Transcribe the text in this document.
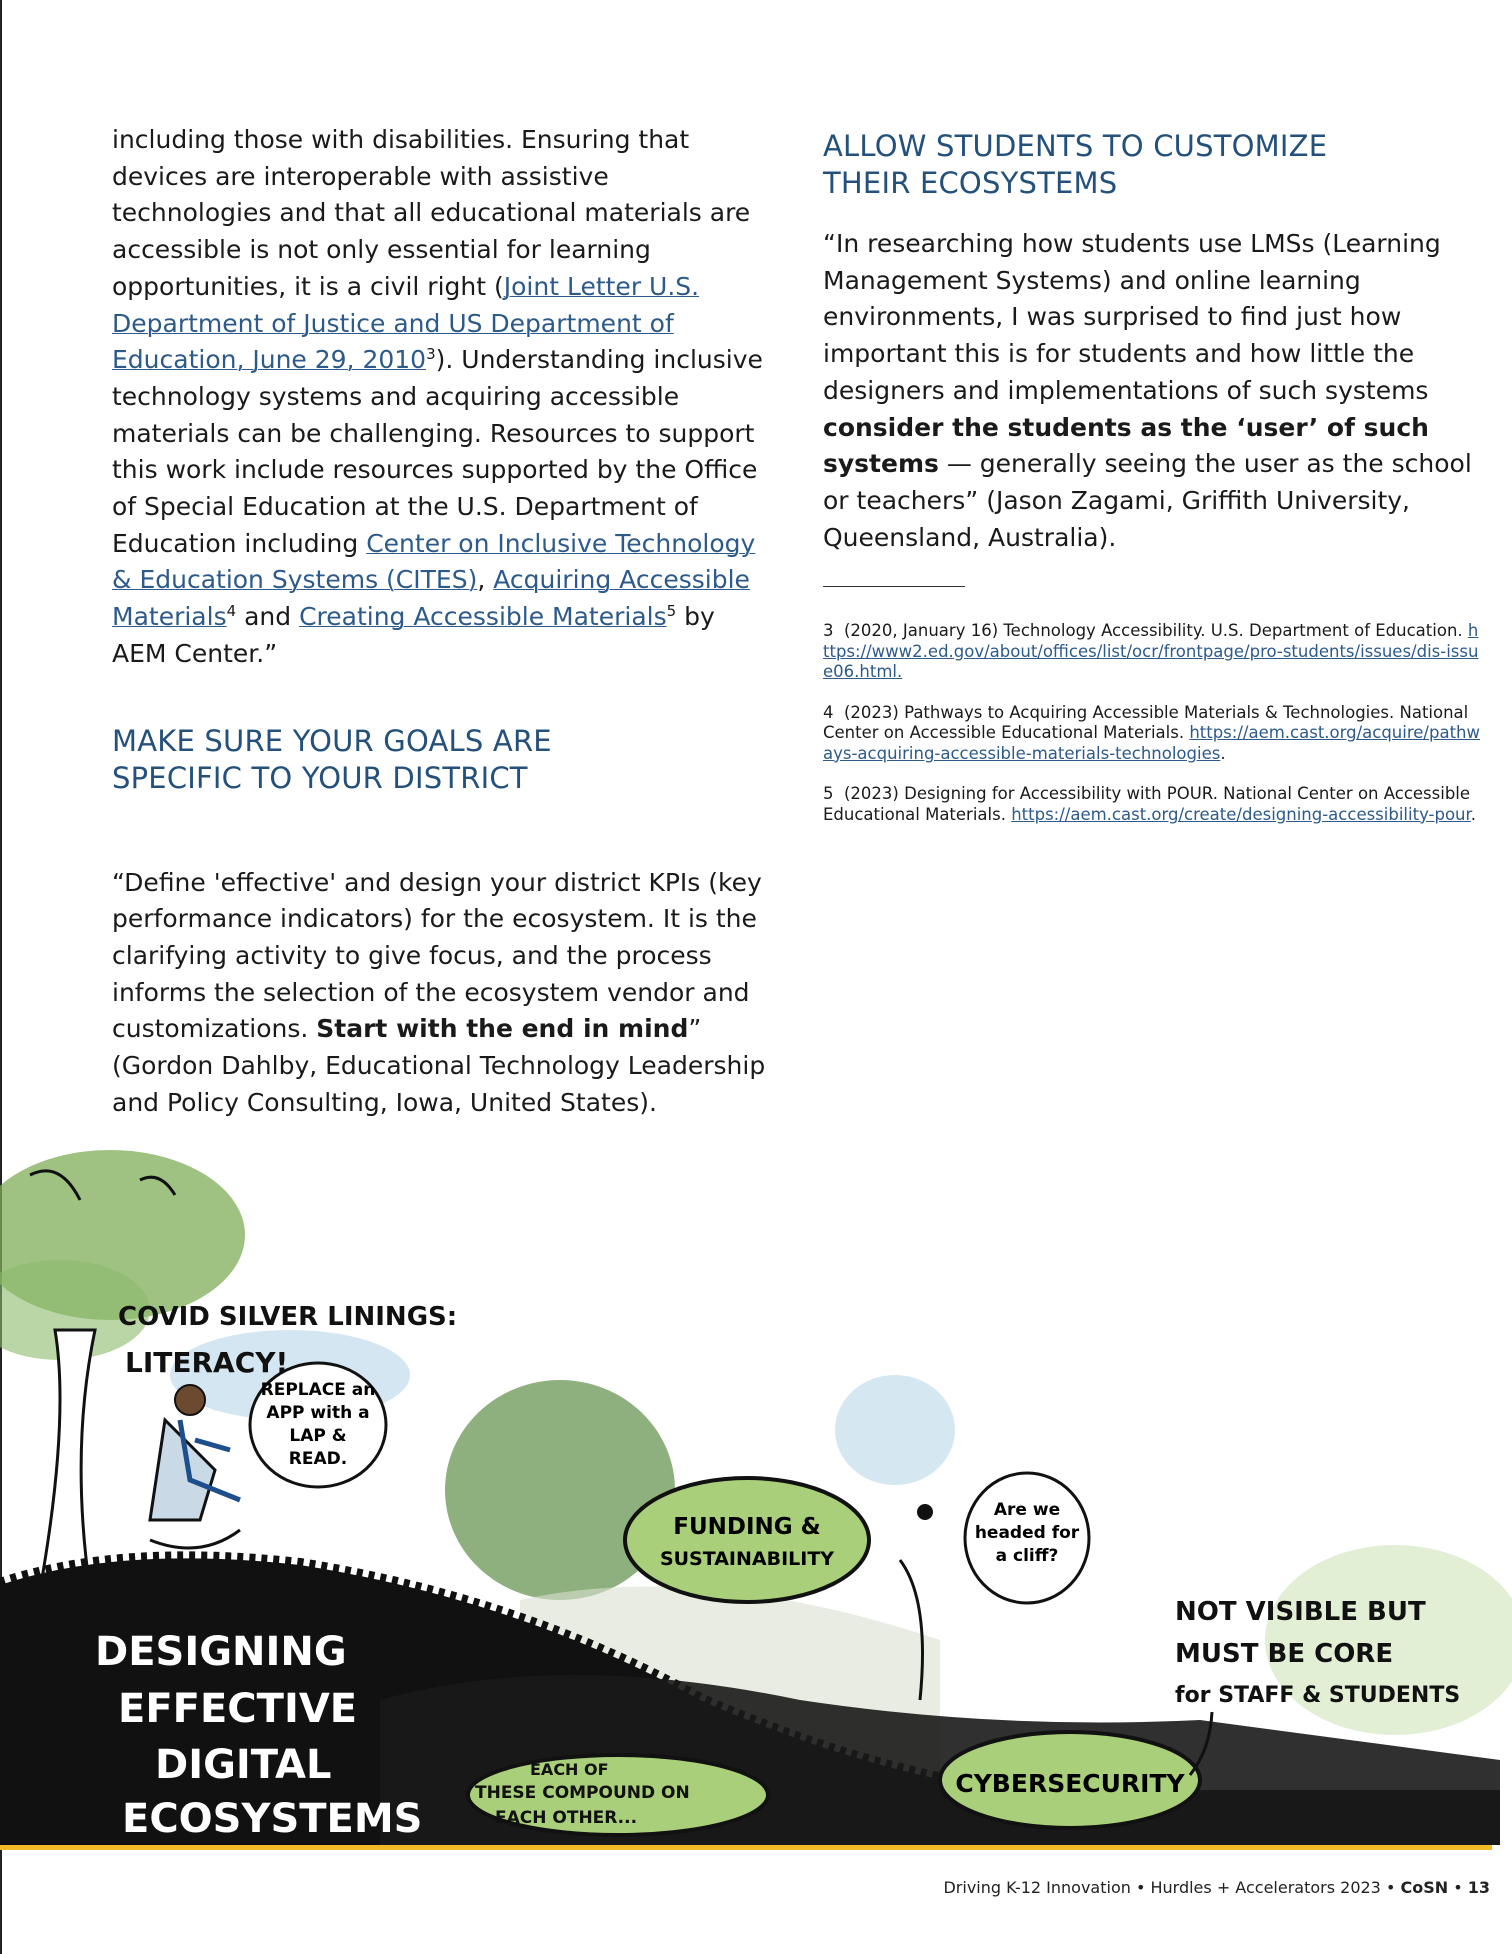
including those with disabilities. Ensuring that devices are interoperable with assistive technologies and that all educational materials are accessible is not only essential for learning opportunities, it is a civil right (Joint Letter U.S. Department of Justice and US Department of Education, June 29, 2010$^3$). Understanding inclusive technology systems and acquiring accessible materials can be challenging. Resources to support this work include resources supported by the Office of Special Education at the U.S. Department of Education including Center on Inclusive Technology & Education Systems (CITES), Acquiring Accessible Materials$^4$ and Creating Accessible Materials$^5$ by AEM Center.”

MAKE SURE YOUR GOALS ARE SPECIFIC TO YOUR DISTRICT

“Define 'effective' and design your district KPIs (key performance indicators) for the ecosystem. It is the clarifying activity to give focus, and the process informs the selection of the ecosystem vendor and customizations. Start with the end in mind” (Gordon Dahlby, Educational Technology Leadership and Policy Consulting, Iowa, United States).

ALLOW STUDENTS TO CUSTOMIZE THEIR ECOSYSTEMS

“In researching how students use LMSs (Learning Management Systems) and online learning environments, I was surprised to find just how important this is for students and how little the designers and implementations of such systems consider the students as the ‘user’ of such systems — generally seeing the user as the school or teachers” (Jason Zagami, Griffith University, Queensland, Australia).

3 (2020, January 16) Technology Accessibility. U.S. Department of Education. https://www2.ed.gov/about/offices/list/ocr/frontpage/pro-students/issues/dis-issue06.html.

4 (2023) Pathways to Acquiring Accessible Materials & Technologies. National Center on Accessible Educational Materials. https://aem.cast.org/acquire/pathways-acquiring-accessible-materials-technologies.

5 (2023) Designing for Accessibility with POUR. National Center on Accessible Educational Materials. https://aem.cast.org/create/designing-accessibility-pour.

REPLACE an
APP with a
LAP &
READ.
COVID SILVER LININGS:
LITERACY!
FUNDING &
SUSTAINABILITY
Are we
headed for
a cliff?
DESIGNING
EFFECTIVE
DIGITAL
ECOSYSTEMS
EACH OF
THESE COMPOUND ON
EACH OTHER...
CYBERSECURITY
NOT VISIBLE BUT
MUST BE CORE
for STAFF & STUDENTS
Driving K-12 Innovation • Hurdles + Accelerators 2023 • CoSN • 13
